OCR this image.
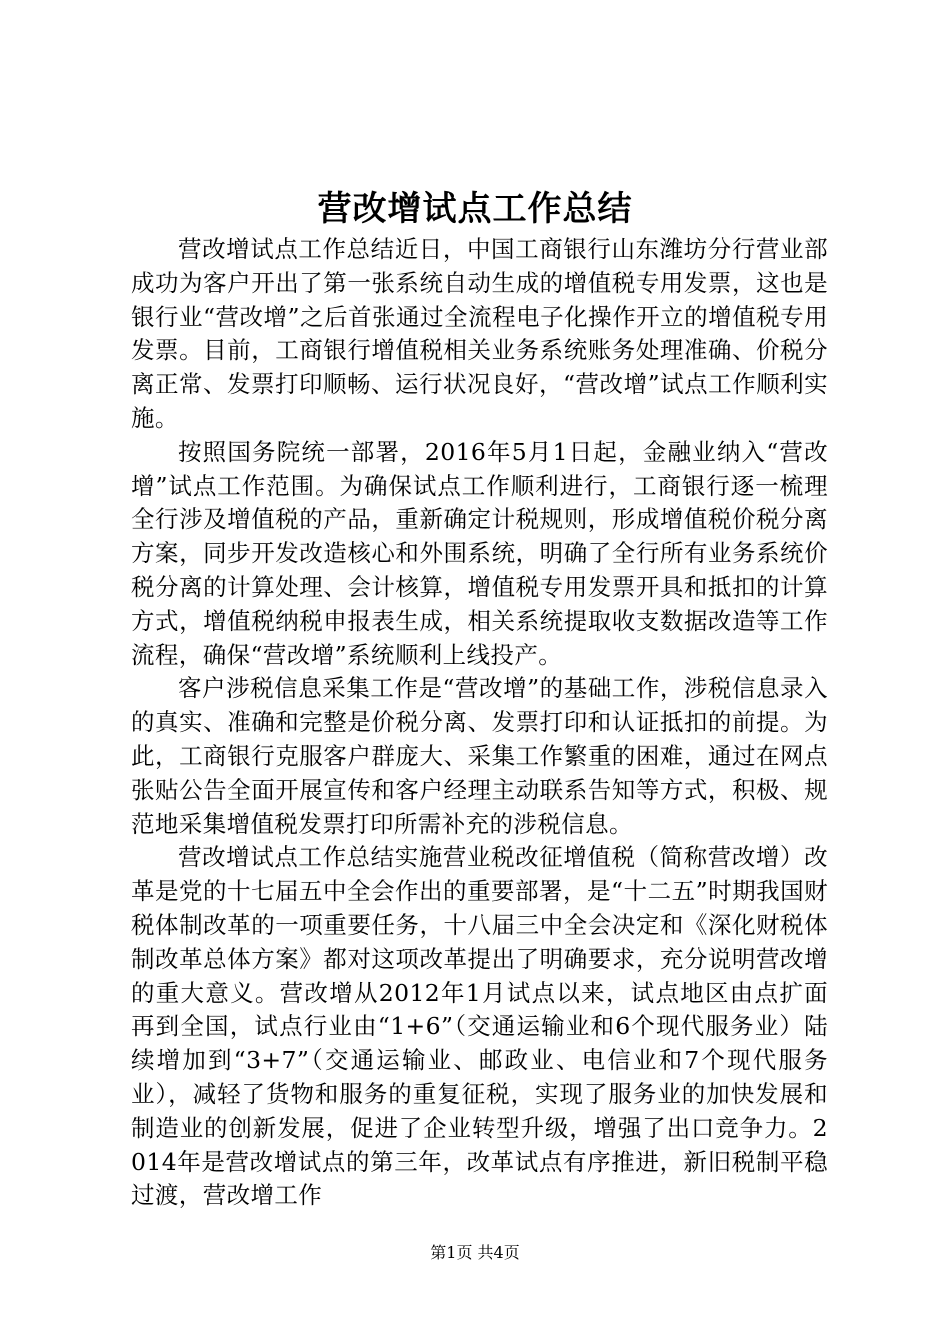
营改增试点工作总结

营改增试点工作总结近日，中国工商银行山东潍坊分行营业部成功为客户开出了第一张系统自动生成的增值税专用发票，这也是银行业“营改增”之后首张通过全流程电子化操作开立的增值税专用发票。目前，工商银行增值税相关业务系统账务处理准确、价税分离正常、发票打印顺畅、运行状况良好，“营改增”试点工作顺利实施。

按照国务院统一部署，2016年5月1日起，金融业纳入“营改增”试点工作范围。为确保试点工作顺利进行，工商银行逐一梳理全行涉及增值税的产品，重新确定计税规则，形成增值税价税分离方案，同步开发改造核心和外围系统，明确了全行所有业务系统价税分离的计算处理、会计核算，增值税专用发票开具和抵扣的计算方式，增值税纳税申报表生成，相关系统提取收支数据改造等工作流程，确保“营改增”系统顺利上线投产。

客户涉税信息采集工作是“营改增”的基础工作，涉税信息录入的真实、准确和完整是价税分离、发票打印和认证抵扣的前提。为此，工商银行克服客户群庞大、采集工作繁重的困难，通过在网点张贴公告全面开展宣传和客户经理主动联系告知等方式，积极、规范地采集增值税发票打印所需补充的涉税信息。

营改增试点工作总结实施营业税改征增值税（简称营改增）改革是党的十七届五中全会作出的重要部署，是“十二五”时期我国财税体制改革的一项重要任务，十八届三中全会决定和《深化财税体制改革总体方案》都对这项改革提出了明确要求，充分说明营改增的重大意义。营改增从2012年1月试点以来，试点地区由点扩面再到全国，试点行业由“1+6”（交通运输业和6个现代服务业）陆续增加到“3+7”（交通运输业、邮政业、电信业和7个现代服务业），减轻了货物和服务的重复征税，实现了服务业的加快发展和制造业的创新发展，促进了企业转型升级，增强了出口竞争力。2014年是营改增试点的第三年，改革试点有序推进，新旧税制平稳过渡，营改增工作

第1页 共4页
